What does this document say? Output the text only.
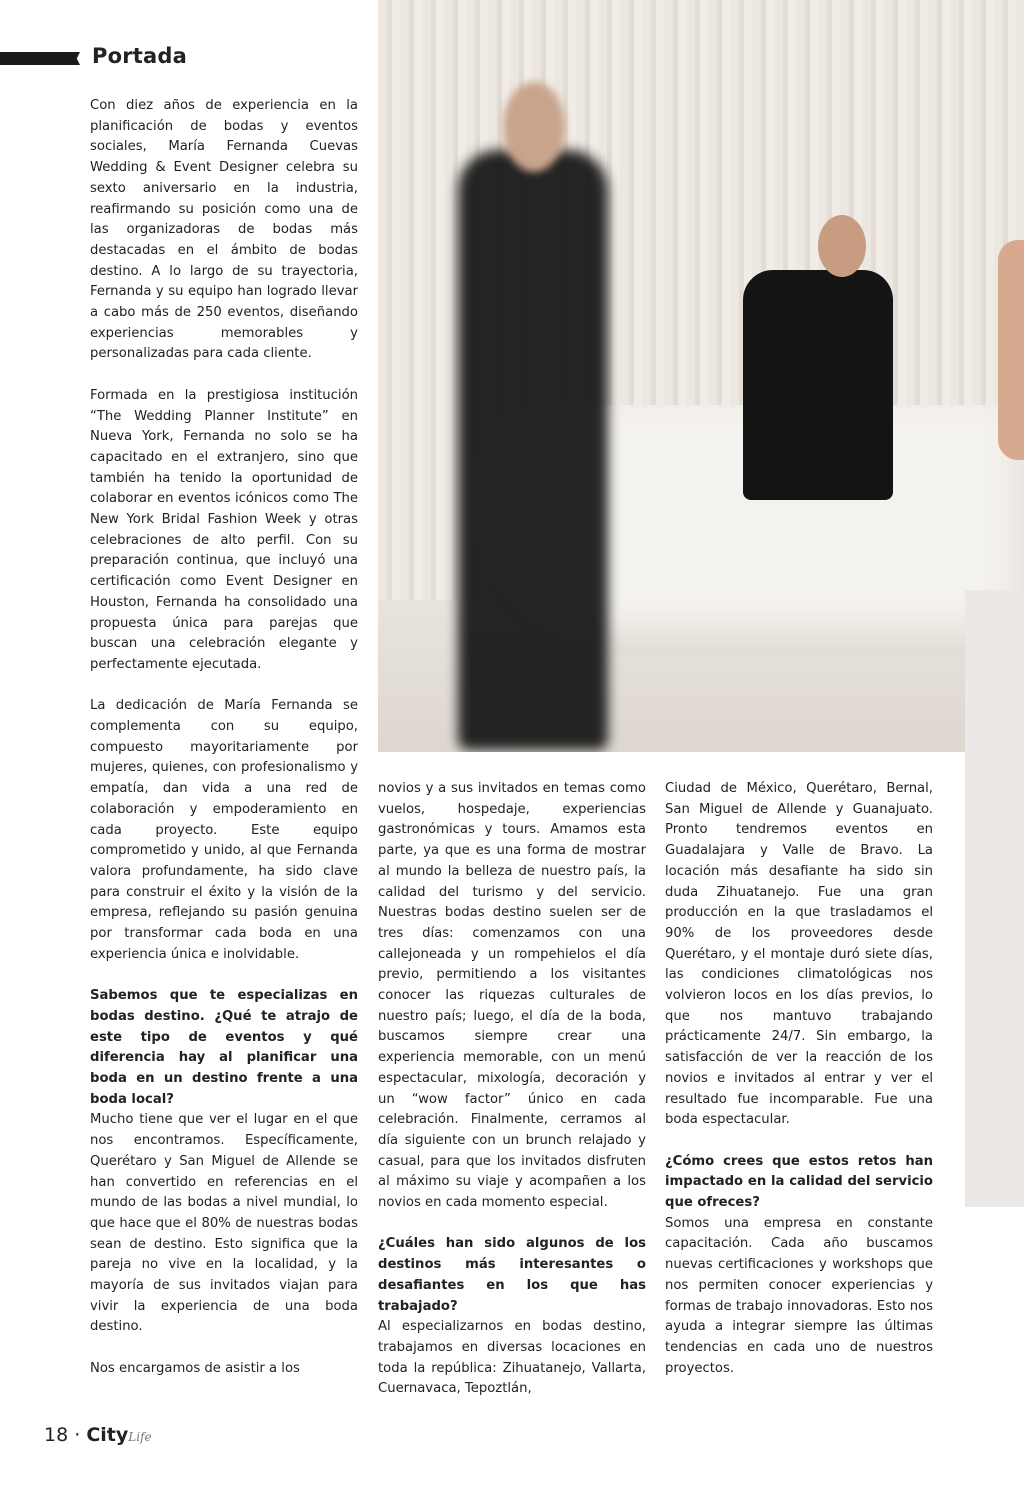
Portada

Con diez años de experiencia en la planificación de bodas y eventos sociales, María Fernanda Cuevas Wedding & Event Designer celebra su sexto aniversario en la industria, reafirmando su posición como una de las organizadoras de bodas más destacadas en el ámbito de bodas destino. A lo largo de su trayectoria, Fernanda y su equipo han logrado llevar a cabo más de 250 eventos, diseñando experiencias memorables y personalizadas para cada cliente.

Formada en la prestigiosa institución “The Wedding Planner Institute” en Nueva York, Fernanda no solo se ha capacitado en el extranjero, sino que también ha tenido la oportunidad de colaborar en eventos icónicos como The New York Bridal Fashion Week y otras celebraciones de alto perfil. Con su preparación continua, que incluyó una certificación como Event Designer en Houston, Fernanda ha consolidado una propuesta única para parejas que buscan una celebración elegante y perfectamente ejecutada.

La dedicación de María Fernanda se complementa con su equipo, compuesto mayoritariamente por mujeres, quienes, con profesionalismo y empatía, dan vida a una red de colaboración y empoderamiento en cada proyecto. Este equipo comprometido y unido, al que Fernanda valora profundamente, ha sido clave para construir el éxito y la visión de la empresa, reflejando su pasión genuina por transformar cada boda en una experiencia única e inolvidable.

Sabemos que te especializas en bodas destino. ¿Qué te atrajo de este tipo de eventos y qué diferencia hay al planificar una boda en un destino frente a una boda local?

Mucho tiene que ver el lugar en el que nos encontramos. Específicamente, Querétaro y San Miguel de Allende se han convertido en referencias en el mundo de las bodas a nivel mundial, lo que hace que el 80% de nuestras bodas sean de destino. Esto significa que la pareja no vive en la localidad, y la mayoría de sus invitados viajan para vivir la experiencia de una boda destino.

Nos encargamos de asistir a los

novios y a sus invitados en temas como vuelos, hospedaje, experiencias gastronómicas y tours. Amamos esta parte, ya que es una forma de mostrar al mundo la belleza de nuestro país, la calidad del turismo y del servicio. Nuestras bodas destino suelen ser de tres días: comenzamos con una callejoneada y un rompehielos el día previo, permitiendo a los visitantes conocer las riquezas culturales de nuestro país; luego, el día de la boda, buscamos siempre crear una experiencia memorable, con un menú espectacular, mixología, decoración y un “wow factor” único en cada celebración. Finalmente, cerramos al día siguiente con un brunch relajado y casual, para que los invitados disfruten al máximo su viaje y acompañen a los novios en cada momento especial.

¿Cuáles han sido algunos de los destinos más interesantes o desafiantes en los que has trabajado?

Al especializarnos en bodas destino, trabajamos en diversas locaciones en toda la república: Zihuatanejo, Vallarta, Cuernavaca, Tepoztlán,

Ciudad de México, Querétaro, Bernal, San Miguel de Allende y Guanajuato. Pronto tendremos eventos en Guadalajara y Valle de Bravo. La locación más desafiante ha sido sin duda Zihuatanejo. Fue una gran producción en la que trasladamos el 90% de los proveedores desde Querétaro, y el montaje duró siete días, las condiciones climatológicas nos volvieron locos en los días previos, lo que nos mantuvo trabajando prácticamente 24/7. Sin embargo, la satisfacción de ver la reacción de los novios e invitados al entrar y ver el resultado fue incomparable. Fue una boda espectacular.

¿Cómo crees que estos retos han impactado en la calidad del servicio que ofreces?

Somos una empresa en constante capacitación. Cada año buscamos nuevas certificaciones y workshops que nos permiten conocer experiencias y formas de trabajo innovadoras. Esto nos ayuda a integrar siempre las últimas tendencias en cada uno de nuestros proyectos.

18 · CityLife
